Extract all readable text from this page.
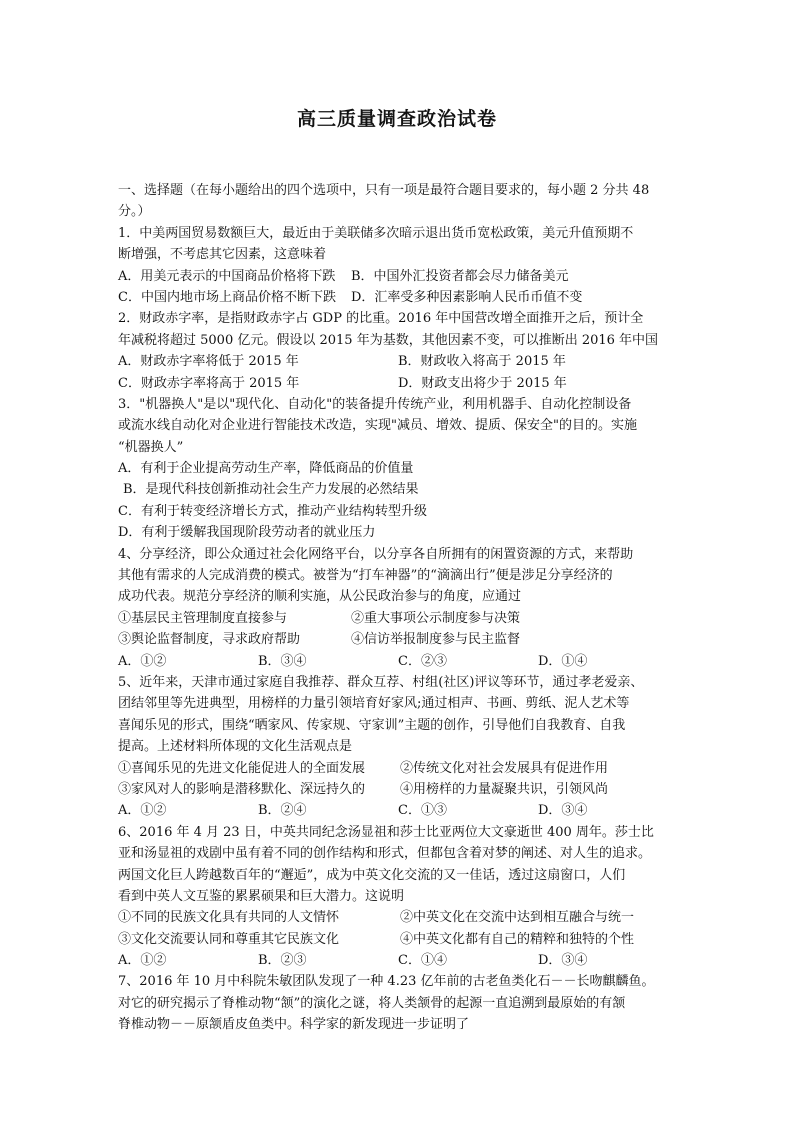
高三质量调查政治试卷
一、选择题（在每小题给出的四个选项中，只有一项是最符合题目要求的，每小题 2 分共 48
分。）
1．中美两国贸易数额巨大，最近由于美联储多次暗示退出货币宽松政策，美元升值预期不
断增强，不考虑其它因素，这意味着
A．用美元表示的中国商品价格将下跌	B．中国外汇投资者都会尽力储备美元
C．中国内地市场上商品价格不断下跌	D．汇率受多种因素影响人民币币值不变
2．财政赤字率，是指财政赤字占 GDP 的比重。2016 年中国营改增全面推开之后，预计全
年减税将超过 5000 亿元。假设以 2015 年为基数，其他因素不变，可以推断出 2016 年中国
A．财政赤字率将低于 2015 年	B．财政收入将高于 2015 年
C．财政赤字率将高于 2015 年	D．财政支出将少于 2015 年
3．"机器换人"是以"现代化、自动化"的装备提升传统产业，利用机器手、自动化控制设备
或流水线自动化对企业进行智能技术改造，实现"减员、增效、提质、保安全"的目的。实施
“机器换人”
A．有利于企业提高劳动生产率，降低商品的价值量
B．是现代科技创新推动社会生产力发展的必然结果
C．有利于转变经济增长方式，推动产业结构转型升级
D．有利于缓解我国现阶段劳动者的就业压力
4、分享经济，即公众通过社会化网络平台，以分享各自所拥有的闲置资源的方式，来帮助
其他有需求的人完成消费的模式。被誉为“打车神器”的“滴滴出行”便是涉足分享经济的
成功代表。规范分享经济的顺利实施，从公民政治参与的角度，应通过
①基层民主管理制度直接参与	②重大事项公示制度参与决策
③舆论监督制度，寻求政府帮助	④信访举报制度参与民主监督
A．①②	B．③④	C．②③	D．①④
5、近年来，天津市通过家庭自我推荐、群众互荐、村组(社区)评议等环节，通过孝老爱亲、
团结邻里等先进典型，用榜样的力量引领培育好家风;通过相声、书画、剪纸、泥人艺术等
喜闻乐见的形式，围绕“晒家风、传家规、守家训”主题的创作，引导他们自我教育、自我
提高。上述材料所体现的文化生活观点是
①喜闻乐见的先进文化能促进人的全面发展	②传统文化对社会发展具有促进作用
③家风对人的影响是潜移默化、深远持久的	④用榜样的力量凝聚共识，引领风尚
A．①②	B．②④	C．①③	D．③④
6、2016 年 4 月 23 日，中英共同纪念汤显祖和莎士比亚两位大文豪逝世 400 周年。莎士比
亚和汤显祖的戏剧中虽有着不同的创作结构和形式，但都包含着对梦的阐述、对人生的追求。
两国文化巨人跨越数百年的“邂逅”，成为中英文化交流的又一佳话，透过这扇窗口，人们
看到中英人文互鉴的累累硕果和巨大潜力。这说明
①不同的民族文化具有共同的人文情怀	②中英文化在交流中达到相互融合与统一
③文化交流要认同和尊重其它民族文化	④中英文化都有自己的精粹和独特的个性
A．①②	B．②③	C．①④	D．③④
7、2016 年 10 月中科院朱敏团队发现了一种 4.23 亿年前的古老鱼类化石－－长吻麒麟鱼。
对它的研究揭示了脊椎动物“颔”的演化之谜，将人类颔骨的起源一直追溯到最原始的有颔
脊椎动物－－原颔盾皮鱼类中。科学家的新发现进一步证明了
